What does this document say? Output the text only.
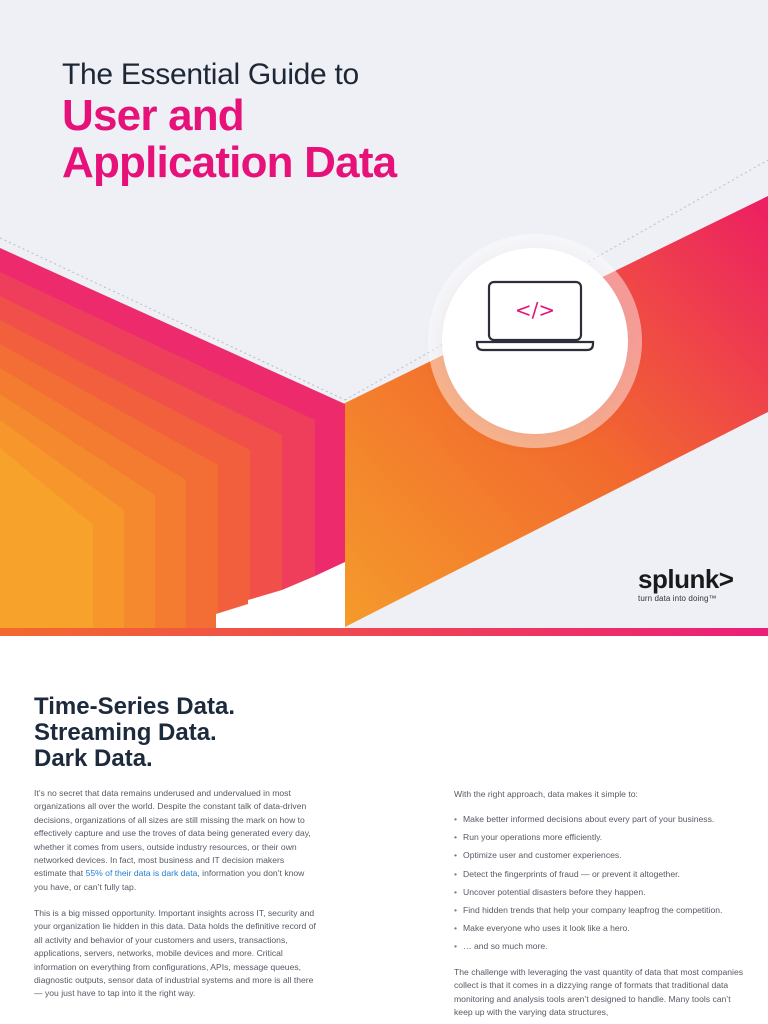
The Essential Guide to
User and
Application Data
</>
splunk>
turn data into doing™
Time-Series Data.
Streaming Data.
Dark Data.

It’s no secret that data remains underused and undervalued in most organizations all over the world. Despite the constant talk of data-driven decisions, organizations of all sizes are still missing the mark on how to effectively capture and use the troves of data being generated every day, whether it comes from users, outside industry resources, or their own networked devices. In fact, most business and IT decision makers estimate that 55% of their data is dark data, information you don’t know you have, or can’t fully tap.

This is a big missed opportunity. Important insights across IT, security and your organization lie hidden in this data. Data holds the definitive record of all activity and behavior of your customers and users, transactions, applications, servers, networks, mobile devices and more. Critical information on everything from configurations, APIs, message queues, diagnostic outputs, sensor data of industrial systems and more is all there — you just have to tap into it the right way.

With the right approach, data makes it simple to:

• Make better informed decisions about every part of your business.
• Run your operations more efficiently.
• Optimize user and customer experiences.
• Detect the fingerprints of fraud — or prevent it altogether.
• Uncover potential disasters before they happen.
• Find hidden trends that help your company leapfrog the competition.
• Make everyone who uses it look like a hero.
• … and so much more.

The challenge with leveraging the vast quantity of data that most companies collect is that it comes in a dizzying range of formats that traditional data monitoring and analysis tools aren’t designed to handle. Many tools can’t keep up with the varying data structures,
